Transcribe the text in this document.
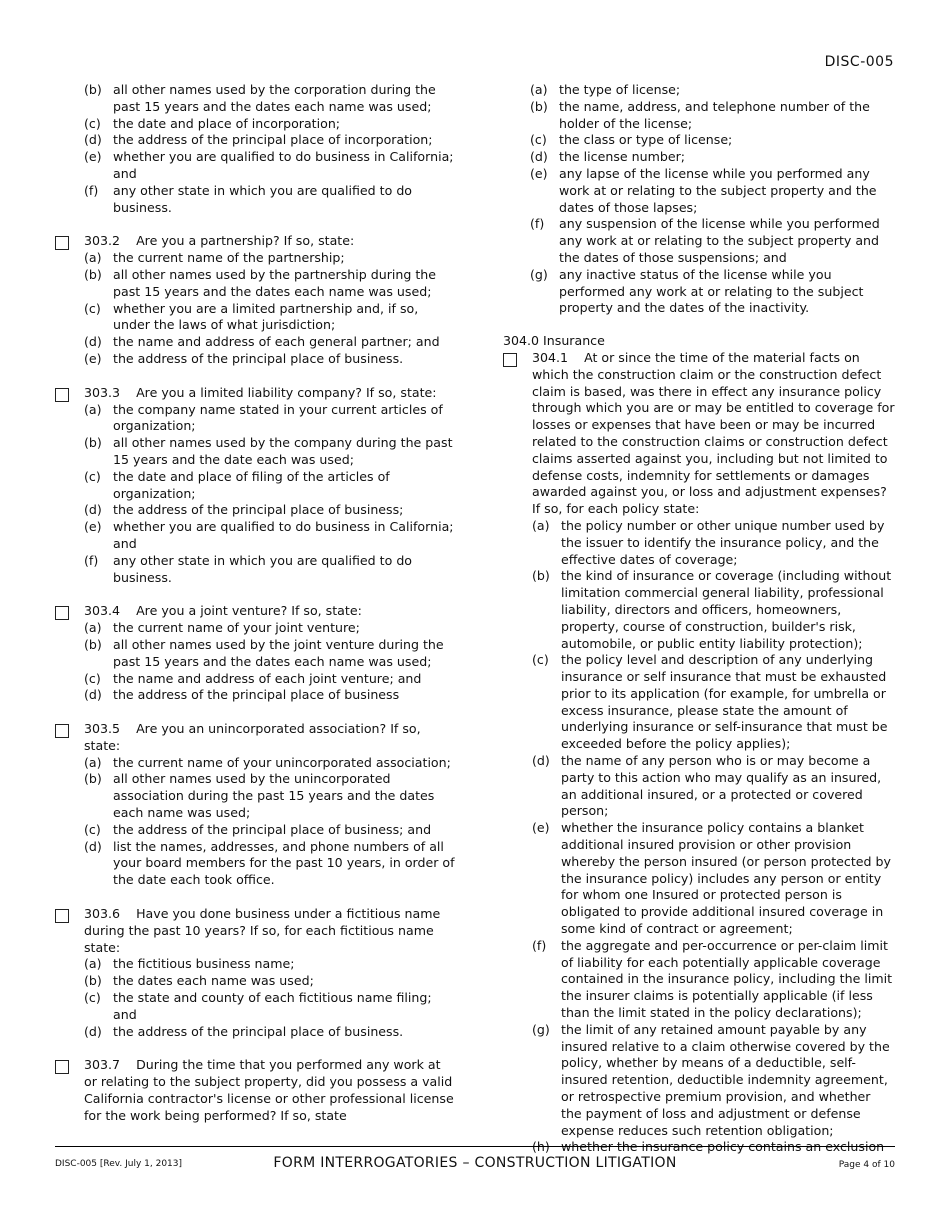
DISC-005
(b) all other names used by the corporation during the past 15 years and the dates each name was used;
(c) the date and place of incorporation;
(d) the address of the principal place of incorporation;
(e) whether you are qualified to do business in California; and
(f)	any other state in which you are qualified to do business.
303.2 Are you a partnership? If so, state:
(a) the current name of the partnership;
(b) all other names used by the partnership during the past 15 years and the dates each name was used;
(c) whether you are a limited partnership and, if so, under the laws of what jurisdiction;
(d) the name and address of each general partner; and
(e) the address of the principal place of business.
303.3 Are you a limited liability company? If so, state:
(a) the company name stated in your current articles of organization;
(b) all other names used by the company during the past 15 years and the date each was used;
(c) the date and place of filing of the articles of organization;
(d) the address of the principal place of business;
(e) whether you are qualified to do business in California; and
(f)	any other state in which you are qualified to do business.
303.4 Are you a joint venture? If so, state:
(a) the current name of your joint venture;
(b) all other names used by the joint venture during the past 15 years and the dates each name was used;
(c) the name and address of each joint venture; and
(d) the address of the principal place of business
303.5 Are you an unincorporated association? If so, state:
(a) the current name of your unincorporated association;
(b) all other names used by the unincorporated association during the past 15 years and the dates each name was used;
(c) the address of the principal place of business; and
(d) list the names, addresses, and phone numbers of all your board members for the past 10 years, in order of the date each took office.
303.6 Have you done business under a fictitious name during the past 10 years? If so, for each fictitious name state:
(a) the fictitious business name;
(b) the dates each name was used;
(c) the state and county of each fictitious name filing; and
(d) the address of the principal place of business.
303.7 During the time that you performed any work at or relating to the subject property, did you possess a valid California contractor's license or other professional license for the work being performed? If so, state
(a) the type of license;
(b) the name, address, and telephone number of the holder of the license;
(c) the class or type of license;
(d) the license number;
(e) any lapse of the license while you performed any work at or relating to the subject property and the dates of those lapses;
(f)	any suspension of the license while you performed any work at or relating to the subject property and the dates of those suspensions; and
(g) any inactive status of the license while you performed any work at or relating to the subject property and the dates of the inactivity.
304.0 Insurance
304.1 At or since the time of the material facts on which the construction claim or the construction defect claim is based, was there in effect any insurance policy through which you are or may be entitled to coverage for losses or expenses that have been or may be incurred related to the construction claims or construction defect claims asserted against you, including but not limited to defense costs, indemnity for settlements or damages awarded against you, or loss and adjustment expenses? If so, for each policy state:
(a) the policy number or other unique number used by the issuer to identify the insurance policy, and the effective dates of coverage;
(b) the kind of insurance or coverage (including without limitation commercial general liability, professional liability, directors and officers, homeowners, property, course of construction, builder's risk, automobile, or public entity liability protection);
(c) the policy level and description of any underlying insurance or self insurance that must be exhausted prior to its application (for example, for umbrella or excess insurance, please state the amount of underlying insurance or self-insurance that must be exceeded before the policy applies);
(d) the name of any person who is or may become a party to this action who may qualify as an insured, an additional insured, or a protected or covered person;
(e) whether the insurance policy contains a blanket additional insured provision or other provision whereby the person insured (or person protected by the insurance policy) includes any person or entity for whom one Insured or protected person is obligated to provide additional insured coverage in some kind of contract or agreement;
(f)	the aggregate and per-occurrence or per-claim limit of liability for each potentially applicable coverage contained in the insurance policy, including the limit the insurer claims is potentially applicable (if less than the limit stated in the policy declarations);
(g) the limit of any retained amount payable by any insured relative to a claim otherwise covered by the policy, whether by means of a deductible, self-insured retention, deductible indemnity agreement, or retrospective premium provision, and whether the payment of loss and adjustment or defense expense reduces such retention obligation;
(h) whether the insurance policy contains an exclusion
DISC-005 [Rev. July 1, 2013]	FORM INTERROGATORIES – CONSTRUCTION LITIGATION	Page 4 of 10
